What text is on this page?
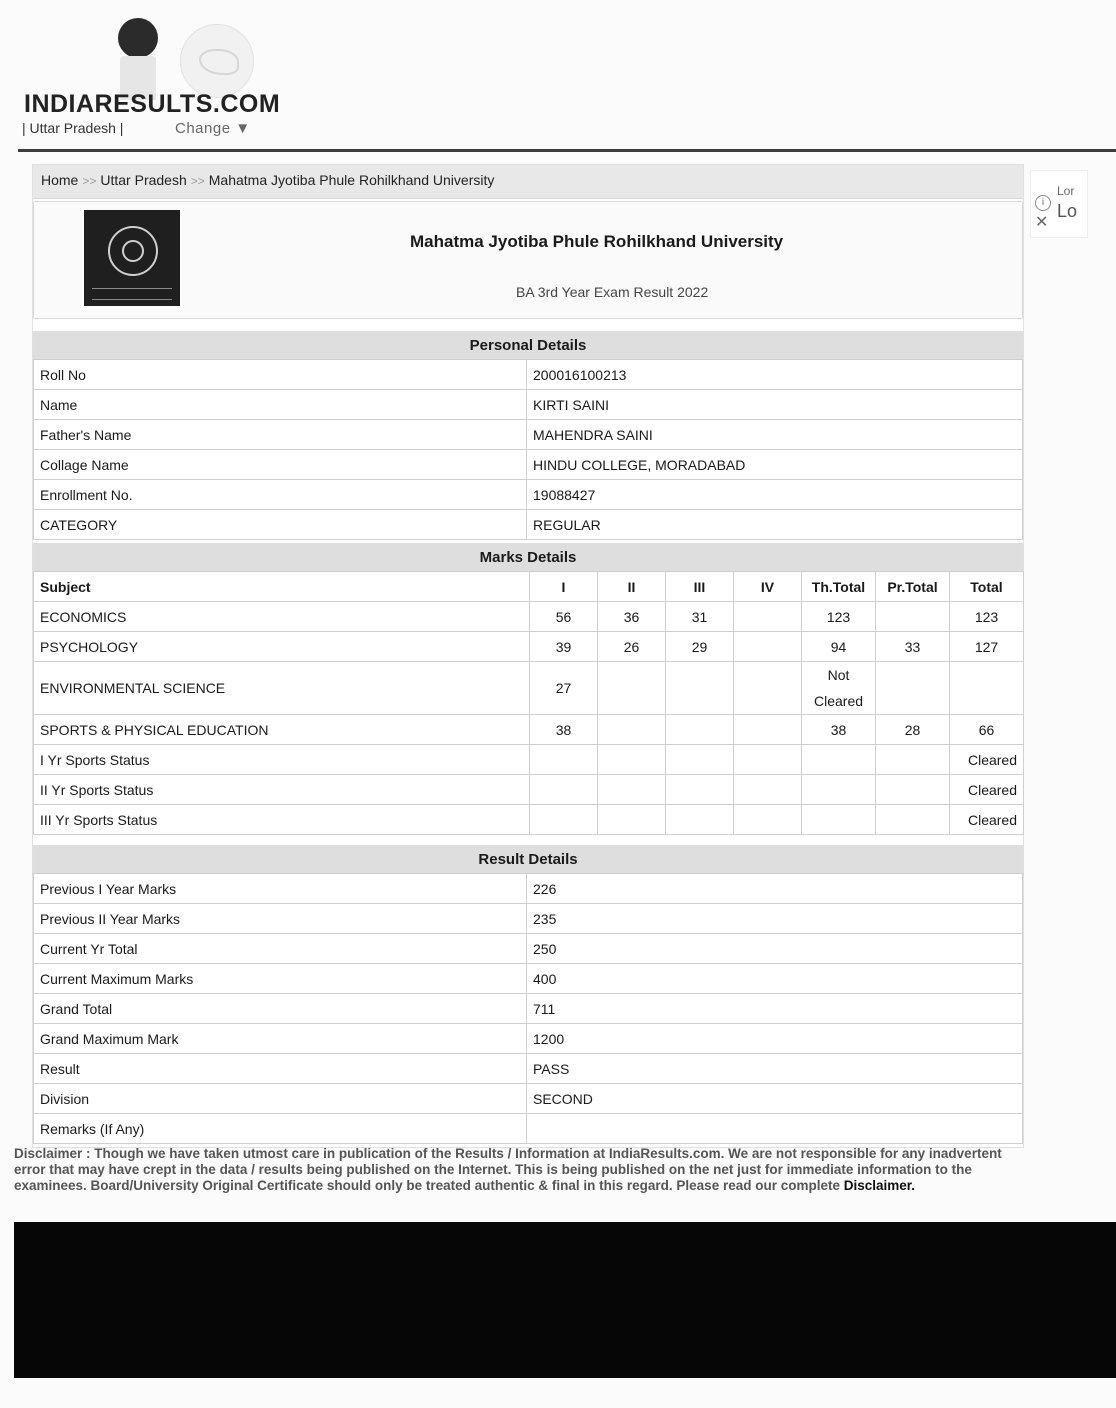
INDIARESULTS.COM
| Uttar Pradesh |	Change ▼
Lor
i Lo
✕
Home >> Uttar Pradesh >> Mahatma Jyotiba Phule Rohilkhand University
Mahatma Jyotiba Phule Rohilkhand University
BA 3rd Year Exam Result 2022
Personal Details
Roll No	200016100213
Name	KIRTI SAINI
Father's Name	MAHENDRA SAINI
Collage Name	HINDU COLLEGE, MORADABAD
Enrollment No.	19088427
CATEGORY	REGULAR
Marks Details
Subject	I	II	III	IV	Th.Total	Pr.Total	Total
ECONOMICS	56	36	31		123		123
PSYCHOLOGY	39	26	29		94	33	127
ENVIRONMENTAL SCIENCE	27				Not Cleared		
SPORTS & PHYSICAL EDUCATION	38				38	28	66
I Yr Sports Status							Cleared
II Yr Sports Status							Cleared
III Yr Sports Status							Cleared
Result Details
Previous I Year Marks	226
Previous II Year Marks	235
Current Yr Total	250
Current Maximum Marks	400
Grand Total	711
Grand Maximum Mark	1200
Result	PASS
Division	SECOND
Remarks (If Any)	
Disclaimer : Though we have taken utmost care in publication of the Results / Information at IndiaResults.com. We are not responsible for any inadvertent error that may have crept in the data / results being published on the Internet. This is being published on the net just for immediate information to the examinees. Board/University Original Certificate should only be treated authentic & final in this regard. Please read our complete Disclaimer.
